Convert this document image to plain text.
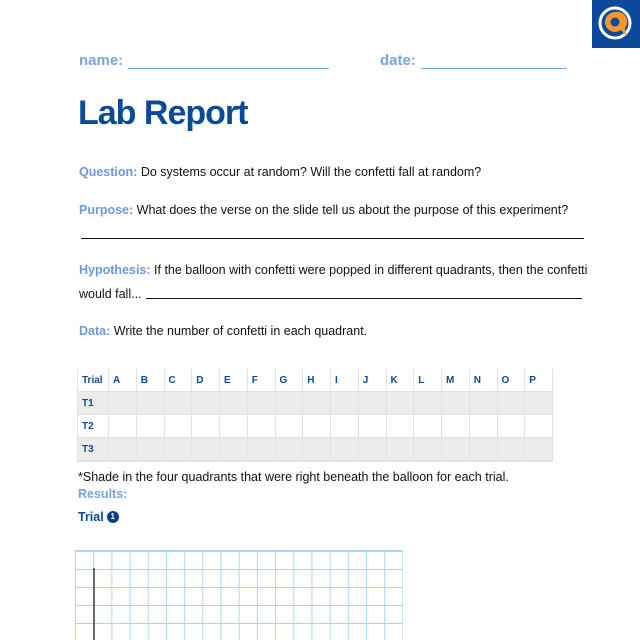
name:	date:
Lab Report
Question: Do systems occur at random? Will the confetti fall at random?
Purpose: What does the verse on the slide tell us about the purpose of this experiment?
Hypothesis: If the balloon with confetti were popped in different quadrants, then the confetti
would fall...
Data: Write the number of confetti in each quadrant.
Trial	A	B	C	D	E	F	G	H	I	J	K	L	M	N	O	P
T1																
T2																
T3																
*Shade in the four quadrants that were right beneath the balloon for each trial.
Results:
Trial 1
